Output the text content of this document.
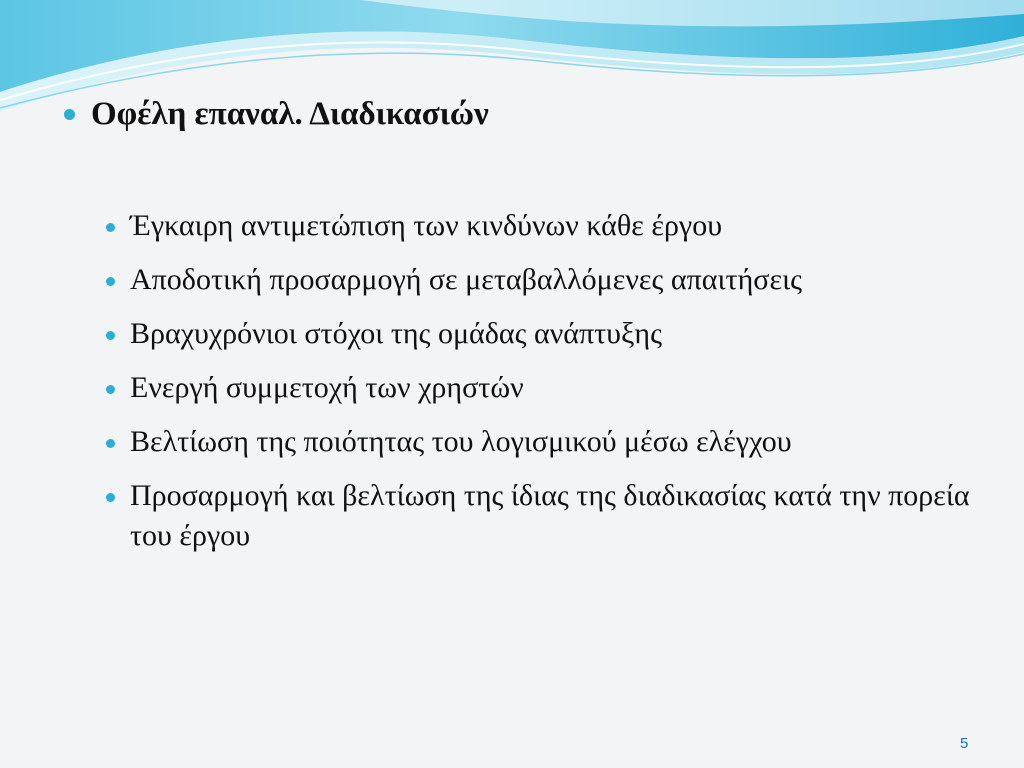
Οφέλη επαναλ. Διαδικασιών
Έγκαιρη αντιμετώπιση των κινδύνων κάθε έργου
Αποδοτική προσαρμογή σε μεταβαλλόμενες απαιτήσεις
Βραχυχρόνιοι στόχοι της ομάδας ανάπτυξης
Ενεργή συμμετοχή των χρηστών
Βελτίωση της ποιότητας του λογισμικού μέσω ελέγχου
Προσαρμογή και βελτίωση της ίδιας της διαδικασίας κατά την πορεία του έργου
5
